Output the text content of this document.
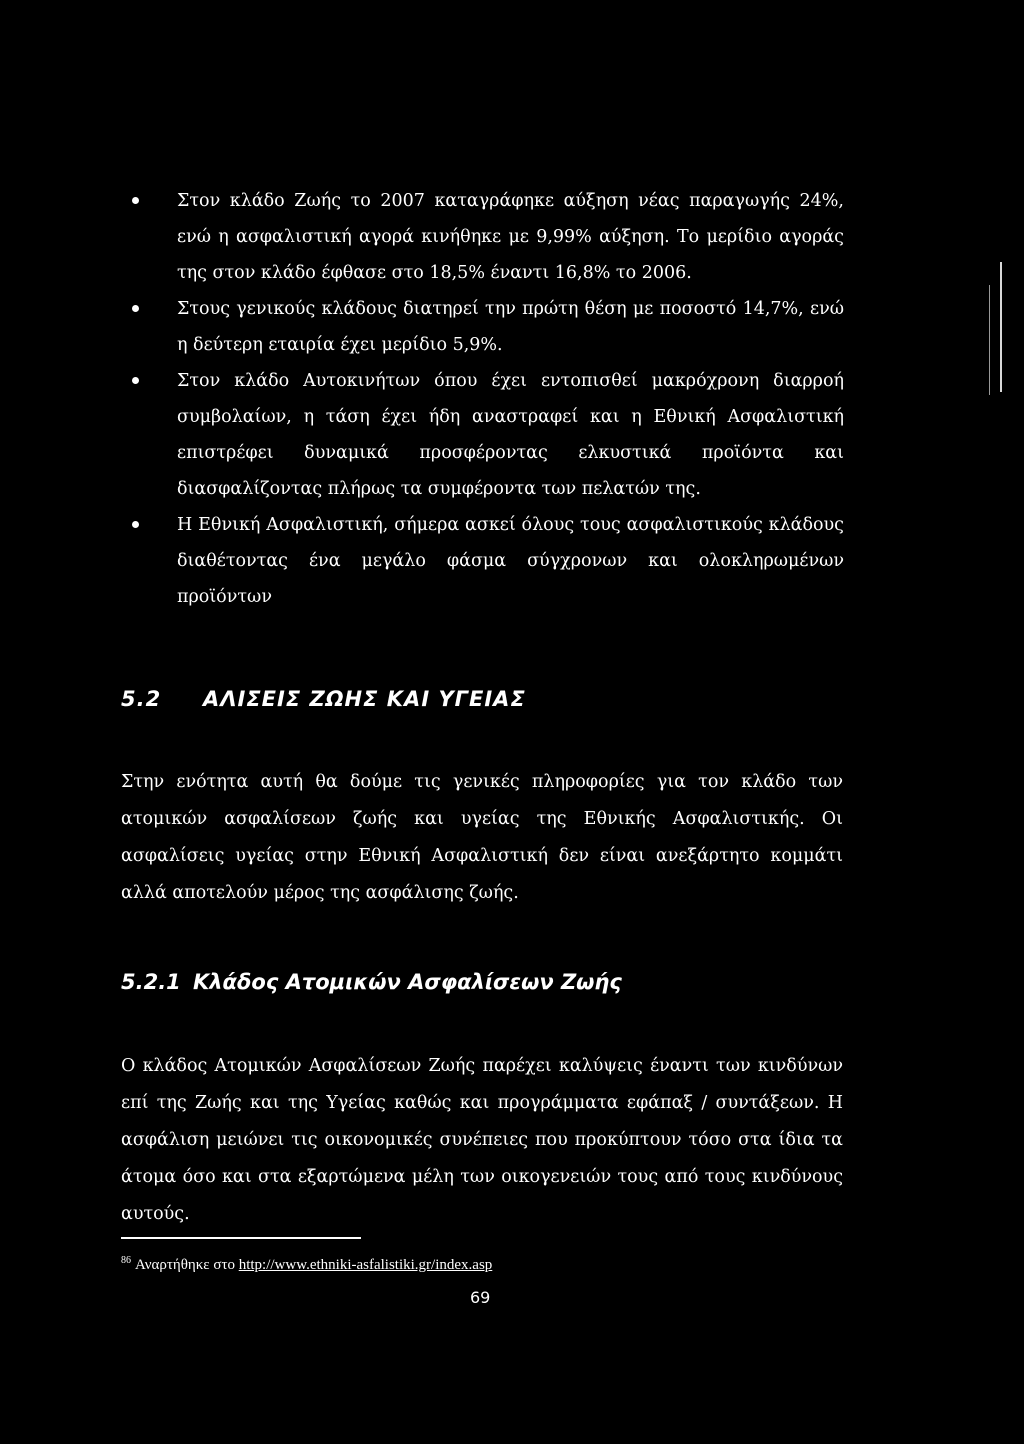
Στον κλάδο Ζωής το 2007 καταγράφηκε αύξηση νέας παραγωγής 24%, ενώ η ασφαλιστική αγορά κινήθηκε με 9,99% αύξηση. Το μερίδιο αγοράς της στον κλάδο έφθασε στο 18,5% έναντι 16,8% το 2006.
Στους γενικούς κλάδους διατηρεί την πρώτη θέση με ποσοστό 14,7%, ενώ η δεύτερη εταιρία έχει μερίδιο 5,9%.
Στον κλάδο Αυτοκινήτων όπου έχει εντοπισθεί μακρόχρονη διαρροή συμβολαίων, η τάση έχει ήδη αναστραφεί και η Εθνική Ασφαλιστική επιστρέφει δυναμικά προσφέροντας ελκυστικά προϊόντα και διασφαλίζοντας πλήρως τα συμφέροντα των πελατών της.
Η Εθνική Ασφαλιστική, σήμερα ασκεί όλους τους ασφαλιστικούς κλάδους διαθέτοντας ένα μεγάλο φάσμα σύγχρονων και ολοκληρωμένων προϊόντων
5.2 ΑΛΙΣΕΙΣ ΖΩΗΣ ΚΑΙ ΥΓΕΙΑΣ

Στην ενότητα αυτή θα δούμε τις γενικές πληροφορίες για τον κλάδο των ατομικών ασφαλίσεων ζωής και υγείας της Εθνικής Ασφαλιστικής. Οι ασφαλίσεις υγείας στην Εθνική Ασφαλιστική δεν είναι ανεξάρτητο κομμάτι αλλά αποτελούν μέρος της ασφάλισης ζωής.

5.2.1 Κλάδος Ατομικών Ασφαλίσεων Ζωής

Ο κλάδος Ατομικών Ασφαλίσεων Ζωής παρέχει καλύψεις έναντι των κινδύνων επί της Ζωής και της Υγείας καθώς και προγράμματα εφάπαξ / συντάξεων. Η ασφάλιση μειώνει τις οικονομικές συνέπειες που προκύπτουν τόσο στα ίδια τα άτομα όσο και στα εξαρτώμενα μέλη των οικογενειών τους από τους κινδύνους αυτούς.

$^{86}$ Αναρτήθηκε στο http://www.ethniki-asfalistiki.gr/index.asp
69
